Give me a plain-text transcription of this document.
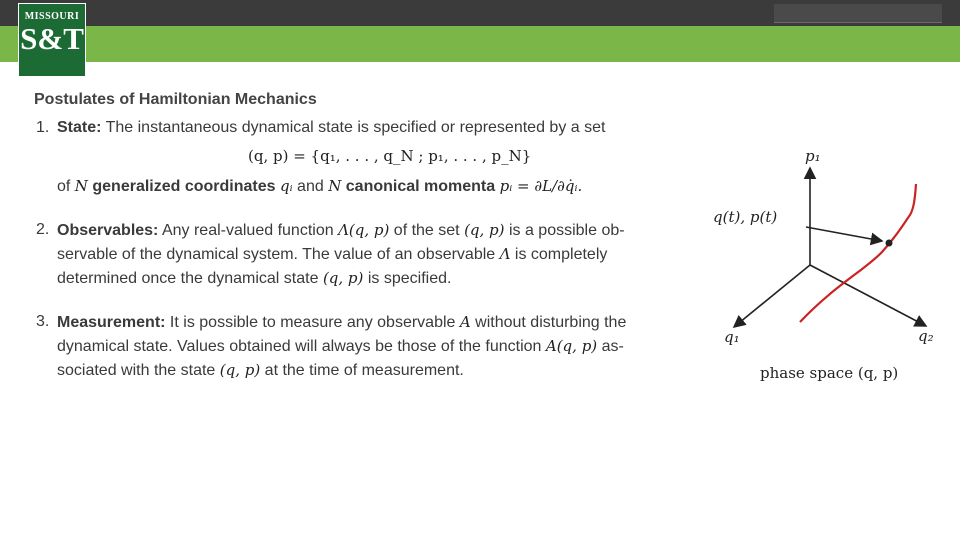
MISSOURI
S&T
Postulates of Hamiltonian Mechanics
1. State: The instantaneous dynamical state is specified or represented by a set
(q, p) = {q₁, . . . , q_N ; p₁, . . . , p_N}
of N generalized coordinates qᵢ and N canonical momenta pᵢ = ∂L/∂q̇ᵢ.
2. Observables: Any real-valued function Λ(q, p) of the set (q, p) is a possible ob-
servable of the dynamical system. The value of an observable Λ is completely
determined once the dynamical state (q, p) is specified.
3. Measurement: It is possible to measure any observable A without disturbing the
dynamical state. Values obtained will always be those of the function A(q, p) as-
sociated with the state (q, p) at the time of measurement.
p₁
q(t), p(t)
q₁	q₂
phase space (q, p)
